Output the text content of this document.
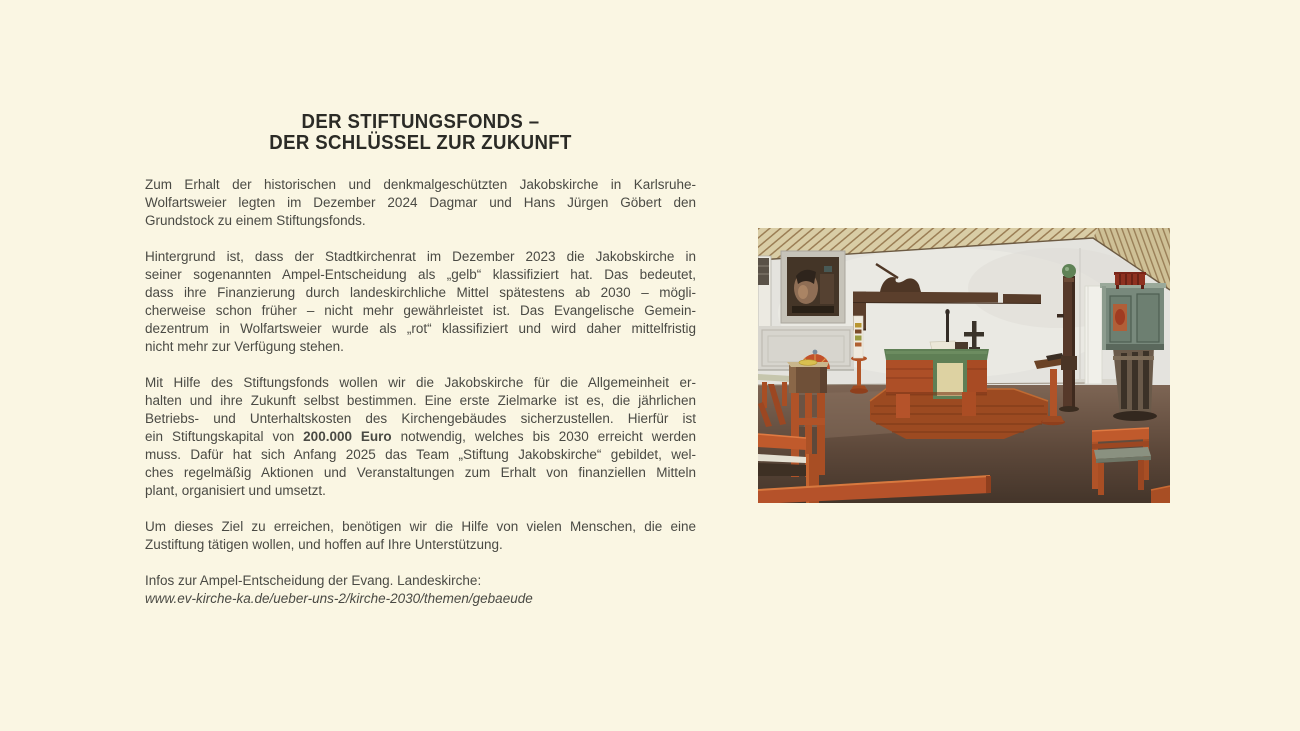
DER STIFTUNGSFONDS –
DER SCHLÜSSEL ZUR ZUKUNFT
Zum Erhalt der historischen und denkmalgeschützten Jakobskirche in Karlsruhe-
Wolfartsweier legten im Dezember 2024 Dagmar und Hans Jürgen Göbert den
Grundstock zu einem Stiftungsfonds.
Hintergrund ist, dass der Stadtkirchenrat im Dezember 2023 die Jakobskirche in
seiner sogenannten Ampel-Entscheidung als „gelb“ klassifiziert hat. Das bedeutet,
dass ihre Finanzierung durch landeskirchliche Mittel spätestens ab 2030 – mögli-
cherweise schon früher – nicht mehr gewährleistet ist. Das Evangelische Gemein-
dezentrum in Wolfartsweier wurde als „rot“ klassifiziert und wird daher mittelfristig
nicht mehr zur Verfügung stehen.
Mit Hilfe des Stiftungsfonds wollen wir die Jakobskirche für die Allgemeinheit er-
halten und ihre Zukunft selbst bestimmen. Eine erste Zielmarke ist es, die jährlichen
Betriebs- und Unterhaltskosten des Kirchengebäudes sicherzustellen. Hierfür ist
ein Stiftungskapital von 200.000 Euro notwendig, welches bis 2030 erreicht werden
muss. Dafür hat sich Anfang 2025 das Team „Stiftung Jakobskirche“ gebildet, wel-
ches regelmäßig Aktionen und Veranstaltungen zum Erhalt von finanziellen Mitteln
plant, organisiert und umsetzt.
Um dieses Ziel zu erreichen, benötigen wir die Hilfe von vielen Menschen, die eine
Zustiftung tätigen wollen, und hoffen auf Ihre Unterstützung.
Infos zur Ampel-Entscheidung der Evang. Landeskirche:
www.ev-kirche-ka.de/ueber-uns-2/kirche-2030/themen/gebaeude
